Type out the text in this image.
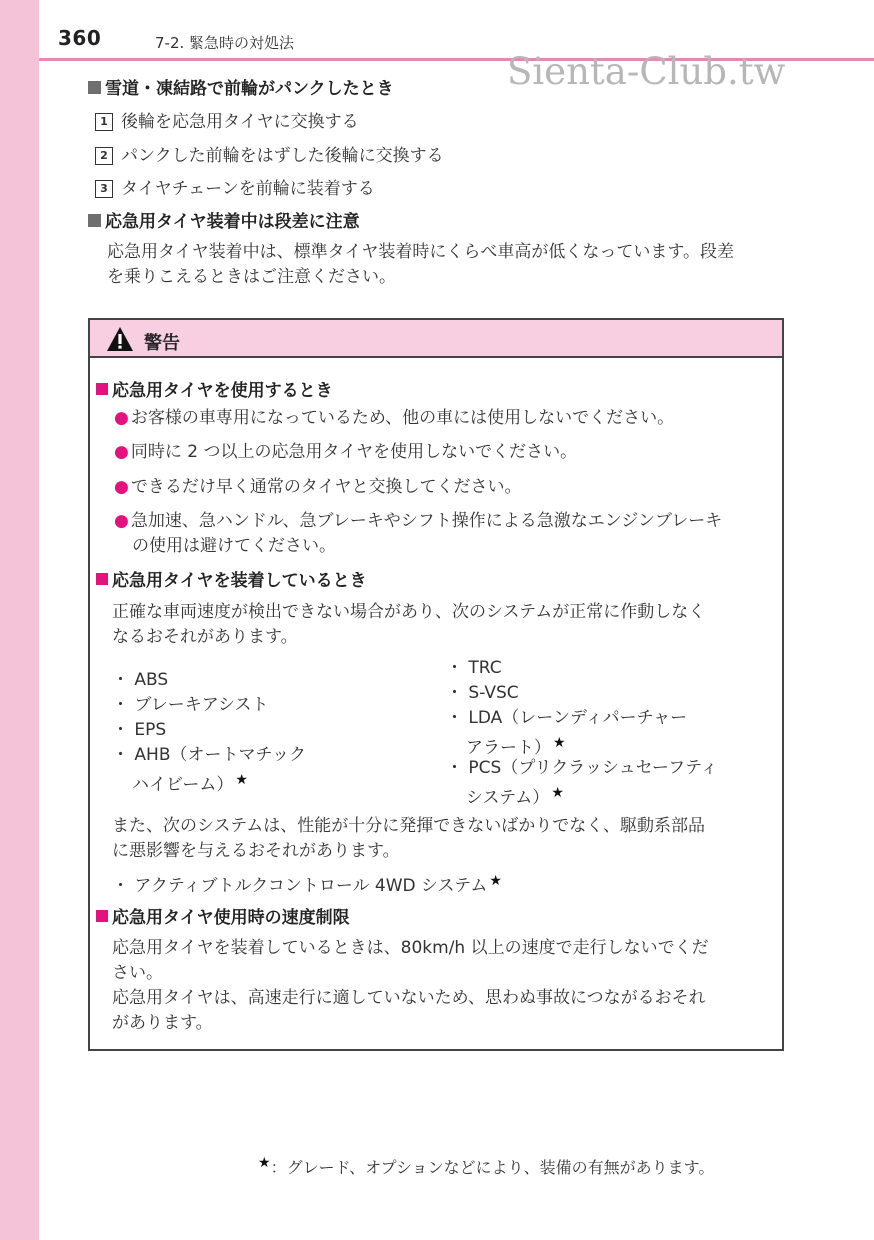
360	7-2. 緊急時の対処法
Sienta-Club.tw
雪道・凍結路で前輪がパンクしたとき
1 後輪を応急用タイヤに交換する
2 パンクした前輪をはずした後輪に交換する
3 タイヤチェーンを前輪に装着する
応急用タイヤ装着中は段差に注意
応急用タイヤ装着中は、標準タイヤ装着時にくらべ車高が低くなっています。段差
を乗りこえるときはご注意ください。
警告
応急用タイヤを使用するとき
● お客様の車専用になっているため、他の車には使用しないでください。
● 同時に 2 つ以上の応急用タイヤを使用しないでください。
● できるだけ早く通常のタイヤと交換してください。
● 急加速、急ハンドル、急ブレーキやシフト操作による急激なエンジンブレーキ
の使用は避けてください。
応急用タイヤを装着しているとき
正確な車両速度が検出できない場合があり、次のシステムが正常に作動しなく
なるおそれがあります。
・ ABS
・ ブレーキアシスト
・ EPS
・ AHB（オートマチック
ハイビーム） ★
・ TRC
・ S-VSC
・ LDA（レーンディパーチャー
アラート） ★
・ PCS（プリクラッシュセーフティ
システム） ★
また、次のシステムは、性能が十分に発揮できないばかりでなく、駆動系部品
に悪影響を与えるおそれがあります。
・ アクティブトルクコントロール 4WD システム ★
応急用タイヤ使用時の速度制限
応急用タイヤを装着しているときは、80km/h 以上の速度で走行しないでくだ
さい。
応急用タイヤは、高速走行に適していないため、思わぬ事故につながるおそれ
があります。
★：グレード、オプションなどにより、装備の有無があります。
